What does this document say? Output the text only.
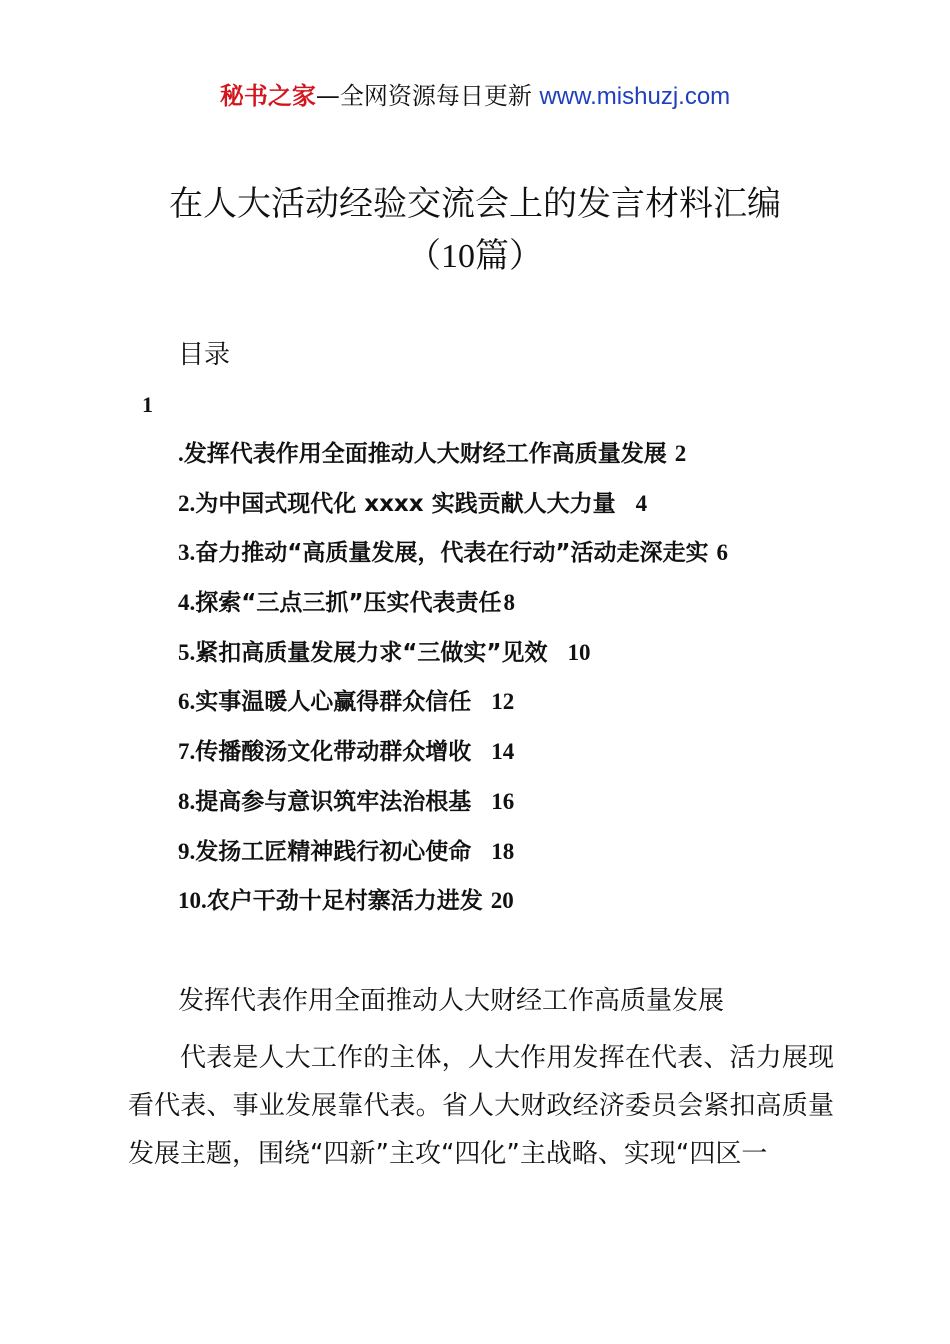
秘书之家—全网资源每日更新 www.mishuzj.com
在人大活动经验交流会上的发言材料汇编
（10篇）
目录
1
.发挥代表作用全面推动人大财经工作高质量发展 2
2.为中国式现代化 xxxx 实践贡献人大力量 4
3.奋力推动“高质量发展，代表在行动”活动走深走实 6
4.探索“三点三抓”压实代表责任8
5.紧扣高质量发展力求“三做实”见效 10
6.实事温暖人心赢得群众信任 12
7.传播酸汤文化带动群众增收 14
8.提高参与意识筑牢法治根基 16
9.发扬工匠精神践行初心使命 18
10.农户干劲十足村寨活力进发 20
发挥代表作用全面推动人大财经工作高质量发展

代表是人大工作的主体，人大作用发挥在代表、活力展现看代表、事业发展靠代表。省人大财政经济委员会紧扣高质量发展主题，围绕“四新”主攻“四化”主战略、实现“四区一
